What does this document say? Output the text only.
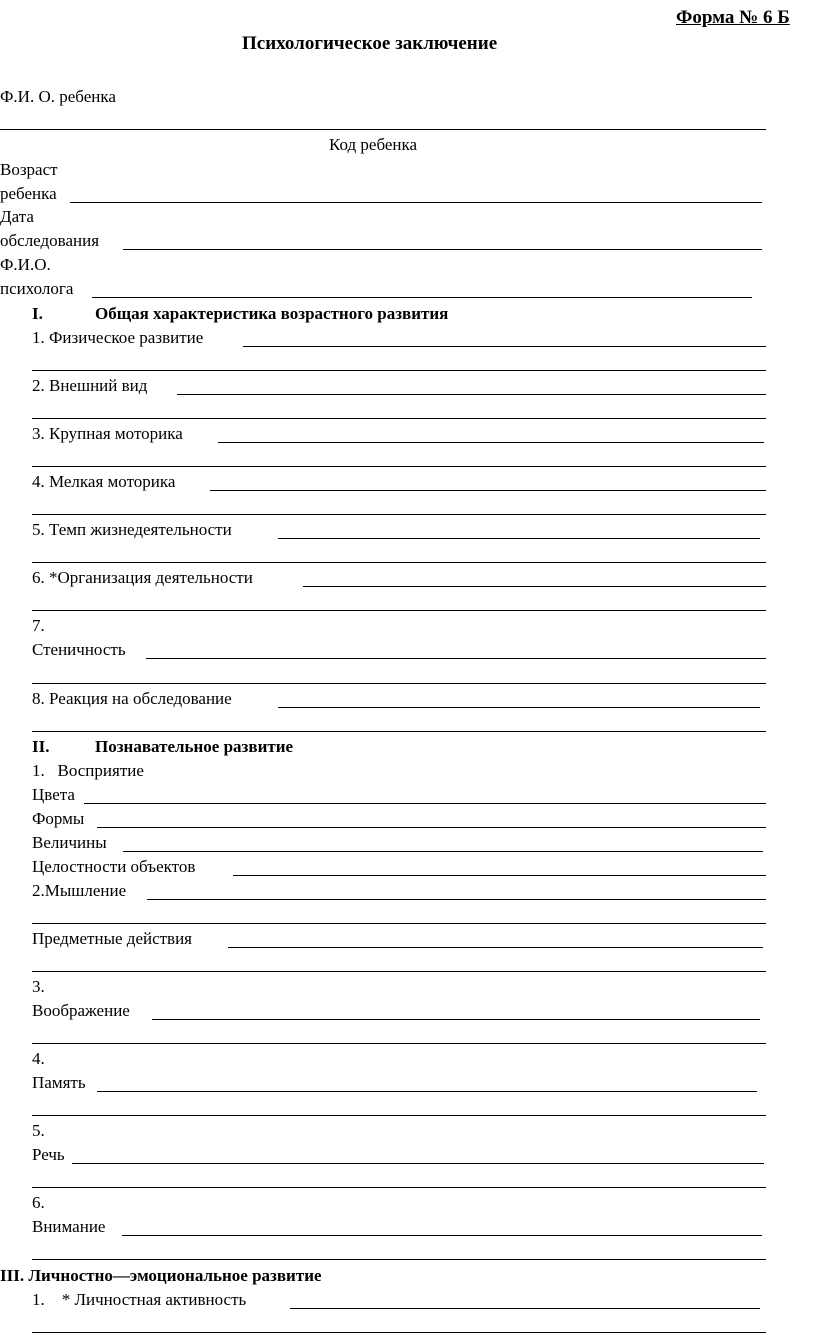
Форма № 6 Б
Психологическое заключение
Ф.И. О. ребенка
Код ребенка
Возраст
ребенка
Дата
обследования
Ф.И.О.
психолога
I.	Общая характеристика возрастного развития
1. Физическое развитие
2. Внешний вид
3. Крупная моторика
4. Мелкая моторика
5. Темп жизнедеятельности
6. *Организация деятельности
7.
Стеничность
8. Реакция на обследование
II.	Познавательное развитие
1.   Восприятие
Цвета
Формы
Величины
Целостности объектов
2.Мышление
Предметные действия
3.
Воображение
4.
Память
5.
Речь
6.
Внимание
III. Личностно—эмоциональное развитие
1.    * Личностная активность
